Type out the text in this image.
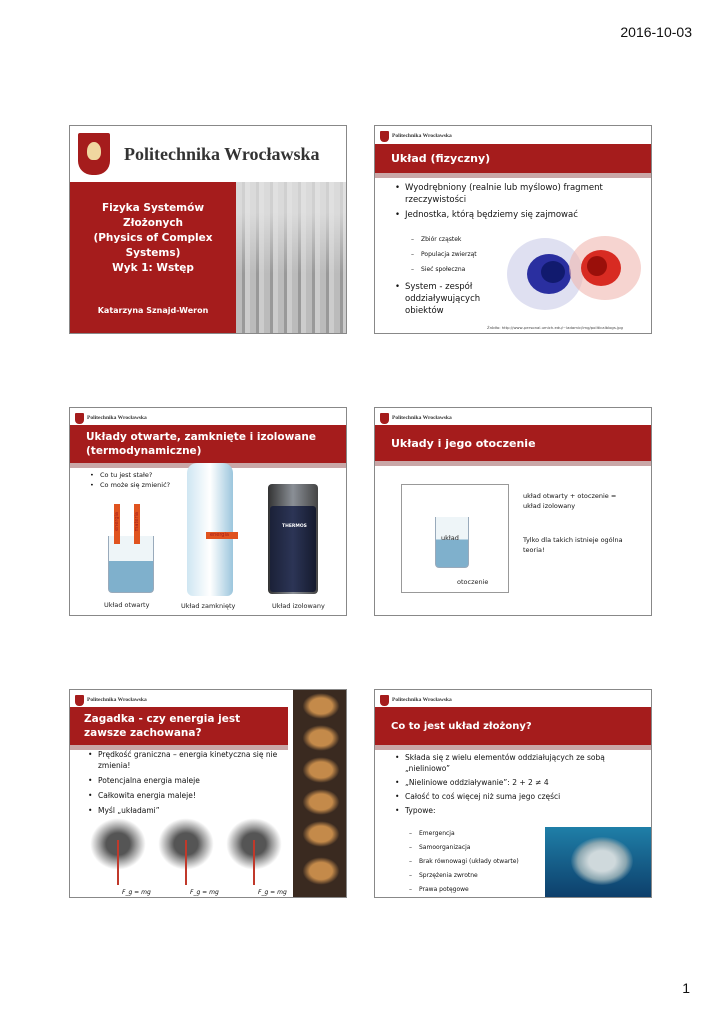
2016-10-03
Politechnika Wrocławska
Fizyka Systemów Złożonych
(Physics of Complex Systems)
Wyk 1: Wstęp
Katarzyna Sznajd-Weron
Politechnika Wrocławska
Układ (fizyczny)
• Wyodrębniony (realnie lub myślowo) fragment rzeczywistości
• Jednostka, którą będziemy się zajmować
– Zbiór cząstek
– Populacja zwierząt
– Sieć społeczna
• System - zespół oddziaływujących obiektów
Źródło: http://www-personal.umich.edu/~ladamic/img/politicalblogs.jpg
Politechnika Wrocławska
Układy otwarte, zamknięte i izolowane (termodynamiczne)
• Co tu jest stałe?
• Co może się zmienić?
energia	materia
energia
THERMOS
Układ otwarty	Układ zamknięty	Układ izolowany
Politechnika Wrocławska
Układy i jego otoczenie
układ
otoczenie
układ otwarty + otoczenie = układ izolowany
Tylko dla takich istnieje ogólna teoria!
Politechnika Wrocławska
Zagadka - czy energia jest zawsze zachowana?
• Prędkość graniczna – energia kinetyczna się nie zmienia!
• Potencjalna energia maleje
• Całkowita energia maleje!
• Myśl „układami”
F_g = mg	F_g = mg	F_g = mg
Politechnika Wrocławska
Co to jest układ złożony?
• Składa się z wielu elementów oddziałujących ze sobą „nieliniowo”
• „Nieliniowe oddziaływanie”: 2 + 2 ≠ 4
• Całość to coś więcej niż suma jego części
• Typowe:
– Emergencja
– Samoorganizacja
– Brak równowagi (układy otwarte)
– Sprzężenia zwrotne
– Prawa potęgowe
1
